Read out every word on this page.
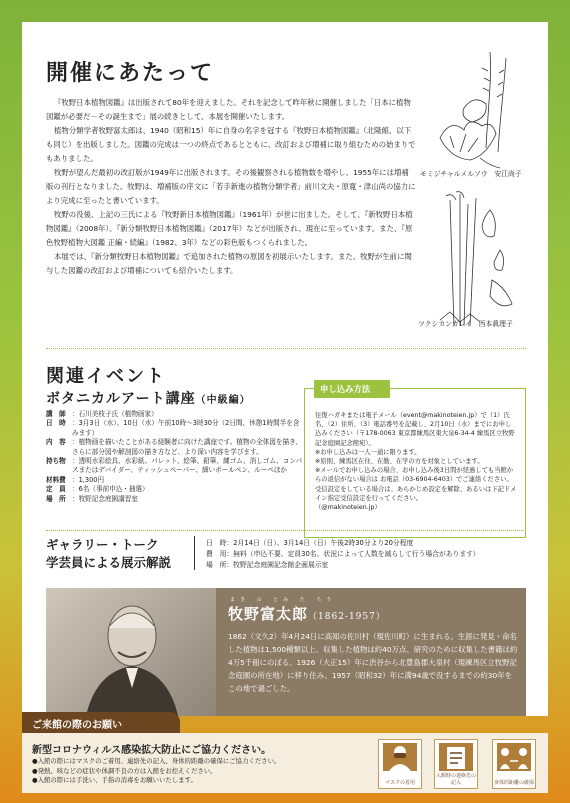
開催にあたって

『牧野日本植物図鑑』は出版されて80年を迎えました。それを記念して昨年秋に開催しました「日本に植物図鑑が必要だ－その誕生まで」展の続きとして、本展を開催いたします。

植物分類学者牧野富太郎は、1940（昭和15）年に自身の名字を冠する『牧野日本植物図鑑』（北隆館、以下も同じ）を出版しました。図鑑の完成は一つの終点であるとともに、改訂および増補に取り組むための始まりでもありました。

牧野が望んだ最初の改訂版が1949年に出版されます。その後観察される植物数を増やし、1955年には増補版の刊行となりました。牧野は、増補版の序文に「若手新進の植物分類学者」前川文夫・原寛・津山尚の協力により完成に至ったと書いています。

牧野の没後、上記の三氏による『牧野新日本植物図鑑』（1961年）が世に出ました。そして、『新牧野日本植物図鑑』（2008年）、『新分類牧野日本植物図鑑』（2017年）などが出版され、現在に至っています。また、『原色牧野植物大図鑑 正編・続編』（1982、3年）などの彩色版もつくられました。

本展では、『新分類牧野日本植物図鑑』で追加された植物の原図を初展示いたします。また、牧野が生前に関与した図鑑の改訂および増補についても紹介いたします。

モミジチャルメルソウ　安江尚子
ツクシカンガレイ　西本眞理子
関連イベント
ボタニカルアート講座（中級編）
講　師 ：石川美枝子氏（植物画家）
日　時 ：3月3日（水）、10日（水）午前10時～3時30分（2日間、休憩1時間半を含みます）
内　容 ：植物画を描いたことがある経験者に向けた講座です。植物の全体図を描き、さらに部分図や解剖図の描き方など、より深い内容を学びます。
持ち物 ：透明水彩絵具、水彩紙、パレット、絵筆、鉛筆、練ゴム、消しゴム、コンパスまたはデバイダー、ティッシュペーパー、細いボールペン、ルーペほか
材料費 ：1,300円
定　員 ：6名（事前申込・抽選）
場　所 ：牧野記念庭園講習室
往復ハガキまたは電子メール（event@makinoteien.jp）で（1）氏名、（2）住所、（3）電話番号を記載し、2月10日（水）までにお申し込みください（〒178-0063 東京都練馬区東大泉6-34-4 練馬区立牧野記念庭園記念館宛）。
※お申し込みは一人一通に限ります。
※原則、練馬区在住、在勤、在学の方を対象としています。
※メールでお申し込みの場合、お申し込み後3日間が経過しても当館からの返信がない場合は お電話（03-6904-6403）でご連絡ください。受信設定をしている場合は、あらかじめ設定を解除、あるいは下記ドメイン指定受信設定を行ってください。
（@makinoteien.jp）
申し込み方法
ギャラリー・トーク
学芸員による展示解説
日　時：2月14日（日）、3月14日（日）午後2時30分より20分程度
費　用：無料（申込不要、定員30名、状況によって人数を減らして行う場合があります）
場　所：牧野記念庭園記念館企画展示室
まき の とみ た ろう
牧野富太郎（1862-1957）
1862（文久2）年4月24日に高知の佐川村（現佐川町）に生まれる。生涯に発見・命名した植物は1,500種類以上、収集した植物は約40万点、研究のために収集した書籍は約4万5千冊にのぼる。1926（大正15）年に渋谷から北豊島郡大泉村（現練馬区立牧野記念庭園の所在地）に移り住み、1957（昭和32）年に満94歳で没するまでの約30年をこの地で過ごした。
ご来館の際のお願い
新型コロナウィルス感染拡大防止にご協力ください。
●入館の際にはマスクのご着用、連絡先の記入、身体的距離の確保にご協力ください。
●発熱、咳などの症状や体調不良の方は入館をお控えください。
●入館の際には手洗い、手指の消毒をお願いいたします。	マスクの着用
入館時の連絡先の記入	身体的距離の確保
